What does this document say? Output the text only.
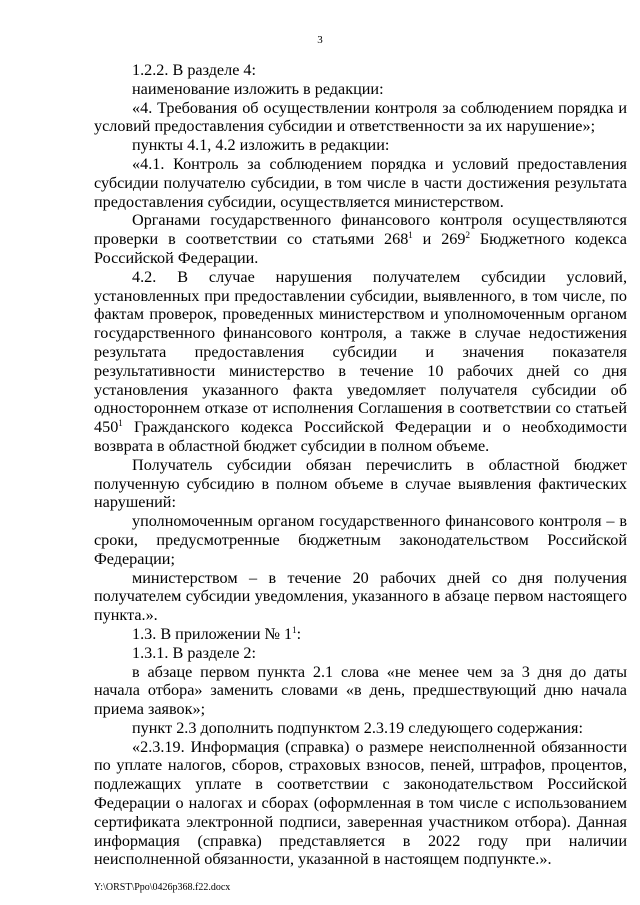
3

1.2.2. В разделе 4:

наименование изложить в редакции:

«4. Требования об осуществлении контроля за соблюдением порядка и условий предоставления субсидии и ответственности за их нарушение»;

пункты 4.1, 4.2 изложить в редакции:

«4.1. Контроль за соблюдением порядка и условий предоставления субсидии получателю субсидии, в том числе в части достижения результата предоставления субсидии, осуществляется министерством.

Органами государственного финансового контроля осуществляются проверки в соответствии со статьями $268^1$ и $269^2$ Бюджетного кодекса Российской Федерации.

4.2. В случае нарушения получателем субсидии условий, установленных при предоставлении субсидии, выявленного, в том числе, по фактам проверок, проведенных министерством и уполномоченным органом государственного финансового контроля, а также в случае недостижения результата предоставления субсидии и значения показателя результативности министерство в течение 10 рабочих дней со дня установления указанного факта уведомляет получателя субсидии об одностороннем отказе от исполнения Соглашения в соответствии со статьей $450^1$ Гражданского кодекса Российской Федерации и о необходимости возврата в областной бюджет субсидии в полном объеме.

Получатель субсидии обязан перечислить в областной бюджет полученную субсидию в полном объеме в случае выявления фактических нарушений:

уполномоченным органом государственного финансового контроля – в сроки, предусмотренные бюджетным законодательством Российской Федерации;

министерством – в течение 20 рабочих дней со дня получения получателем субсидии уведомления, указанного в абзаце первом настоящего пункта.».

1.3. В приложении № $1^1$:

1.3.1. В разделе 2:

в абзаце первом пункта 2.1 слова «не менее чем за 3 дня до даты начала отбора» заменить словами «в день, предшествующий дню начала приема заявок»;

пункт 2.3 дополнить подпунктом 2.3.19 следующего содержания:

«2.3.19. Информация (справка) о размере неисполненной обязанности по уплате налогов, сборов, страховых взносов, пеней, штрафов, процентов, подлежащих уплате в соответствии с законодательством Российской Федерации о налогах и сборах (оформленная в том числе с использованием сертификата электронной подписи, заверенная участником отбора). Данная информация (справка) представляется в 2022 году при наличии неисполненной обязанности, указанной в настоящем подпункте.».

Y:\ORST\Ppo\0426p368.f22.docx
